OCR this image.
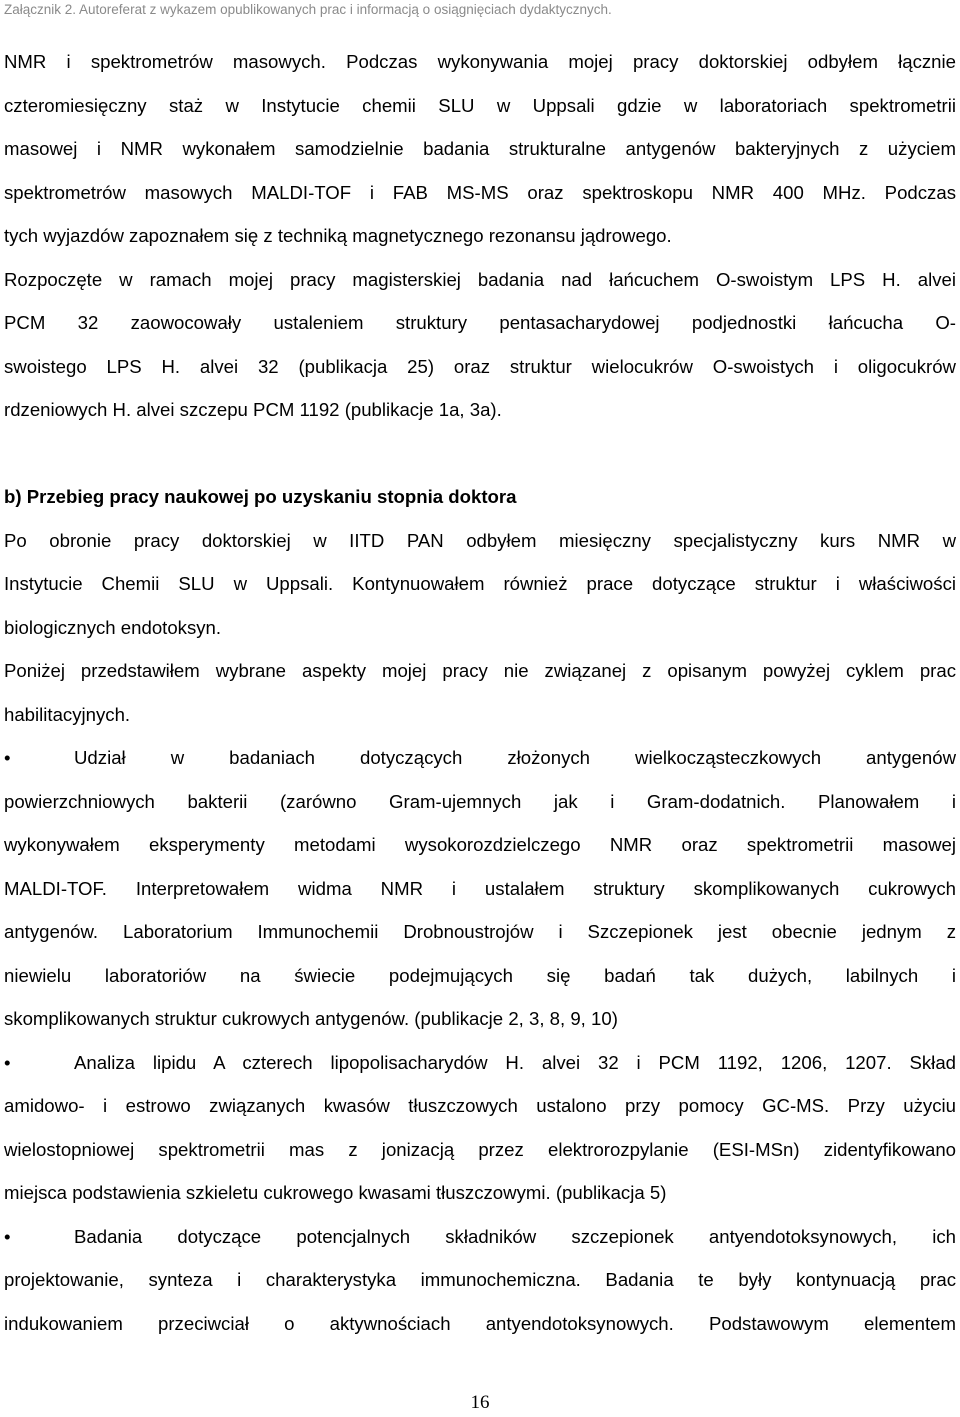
Załącznik 2. Autoreferat z wykazem opublikowanych prac i informacją o osiągnięciach dydaktycznych.
NMR i spektrometrów masowych. Podczas wykonywania mojej pracy doktorskiej odbyłem łącznie
czteromiesięczny staż w Instytucie chemii SLU w Uppsali gdzie w laboratoriach spektrometrii
masowej i NMR wykonałem samodzielnie badania strukturalne antygenów bakteryjnych z użyciem
spektrometrów masowych MALDI-TOF i FAB MS-MS oraz spektroskopu NMR 400 MHz. Podczas
tych wyjazdów zapoznałem się z techniką magnetycznego rezonansu jądrowego.
Rozpoczęte w ramach mojej pracy magisterskiej badania nad łańcuchem O-swoistym LPS H. alvei
PCM 32 zaowocowały ustaleniem struktury pentasacharydowej podjednostki łańcucha O-
swoistego LPS H. alvei 32 (publikacja 25) oraz struktur wielocukrów O-swoistych i oligocukrów
rdzeniowych H. alvei szczepu PCM 1192 (publikacje 1a, 3a).
b) Przebieg pracy naukowej po uzyskaniu stopnia doktora
Po obronie pracy doktorskiej w IITD PAN odbyłem miesięczny specjalistyczny kurs NMR w
Instytucie Chemii SLU w Uppsali. Kontynuowałem również prace dotyczące struktur i właściwości
biologicznych endotoksyn.
Poniżej przedstawiłem wybrane aspekty mojej pracy nie związanej z opisanym powyżej cyklem prac
habilitacyjnych.
•	Udział w badaniach dotyczących złożonych wielkocząsteczkowych antygenów
powierzchniowych bakterii (zarówno Gram-ujemnych jak i Gram-dodatnich. Planowałem i
wykonywałem eksperymenty metodami wysokorozdzielczego NMR oraz spektrometrii masowej
MALDI-TOF. Interpretowałem widma NMR i ustalałem struktury skomplikowanych cukrowych
antygenów. Laboratorium Immunochemii Drobnoustrojów i Szczepionek jest obecnie jednym z
niewielu laboratoriów na świecie podejmujących się badań tak dużych, labilnych i
skomplikowanych struktur cukrowych antygenów. (publikacje 2, 3, 8, 9, 10)
•	Analiza lipidu A czterech lipopolisacharydów H. alvei 32 i PCM 1192, 1206, 1207. Skład
amidowo- i estrowo związanych kwasów tłuszczowych ustalono przy pomocy GC-MS. Przy użyciu
wielostopniowej spektrometrii mas z jonizacją przez elektrorozpylanie (ESI-MSn) zidentyfikowano
miejsca podstawienia szkieletu cukrowego kwasami tłuszczowymi. (publikacja 5)
•	Badania dotyczące potencjalnych składników szczepionek antyendotoksynowych, ich
projektowanie, synteza i charakterystyka immunochemiczna. Badania te były kontynuacją prac
indukowaniem przeciwciał o aktywnościach antyendotoksynowych. Podstawowym elementem
16
